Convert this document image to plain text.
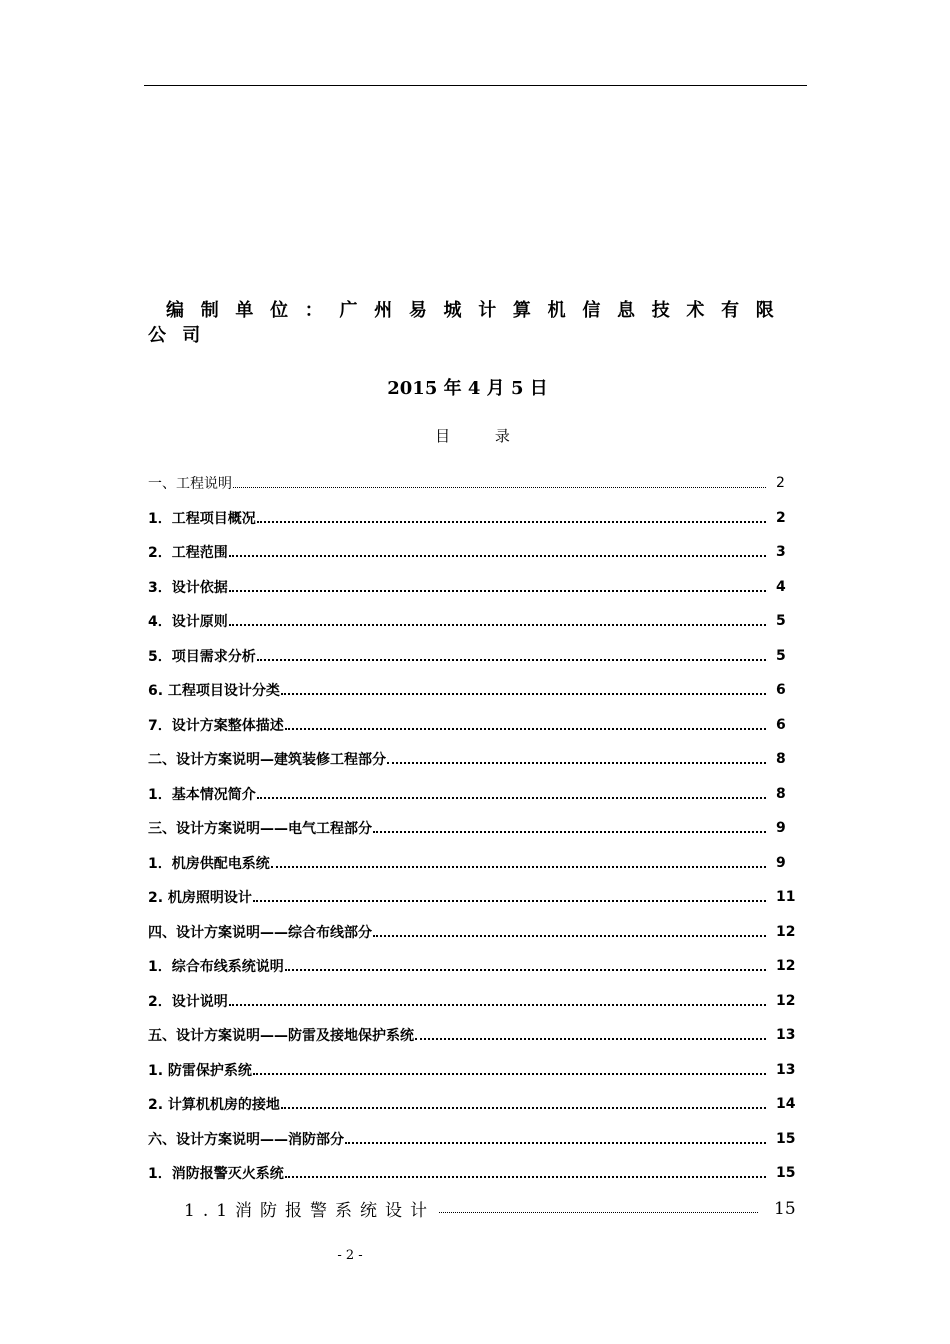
编制单位：广州易城计算机信息技术有限公司
2015 年 4 月 5 日
目 录
一、工程说明	2
1．工程项目概况	2
2．工程范围	3
3．设计依据	4
4．设计原则	5
5．项目需求分析	5
6. 工程项目设计分类	6
7．设计方案整体描述	6
二、设计方案说明—建筑装修工程部分	8
1．基本情况简介	8
三、设计方案说明——电气工程部分	9
1．机房供配电系统	9
2. 机房照明设计	11
四、设计方案说明——综合布线部分	12
1．综合布线系统说明	12
2．设计说明	12
五、设计方案说明——防雷及接地保护系统	13
1. 防雷保护系统	13
2. 计算机机房的接地	14
六、设计方案说明——消防部分	15
1．消防报警灭火系统	15
1.1消防报警系统设计	15
- 2 -
